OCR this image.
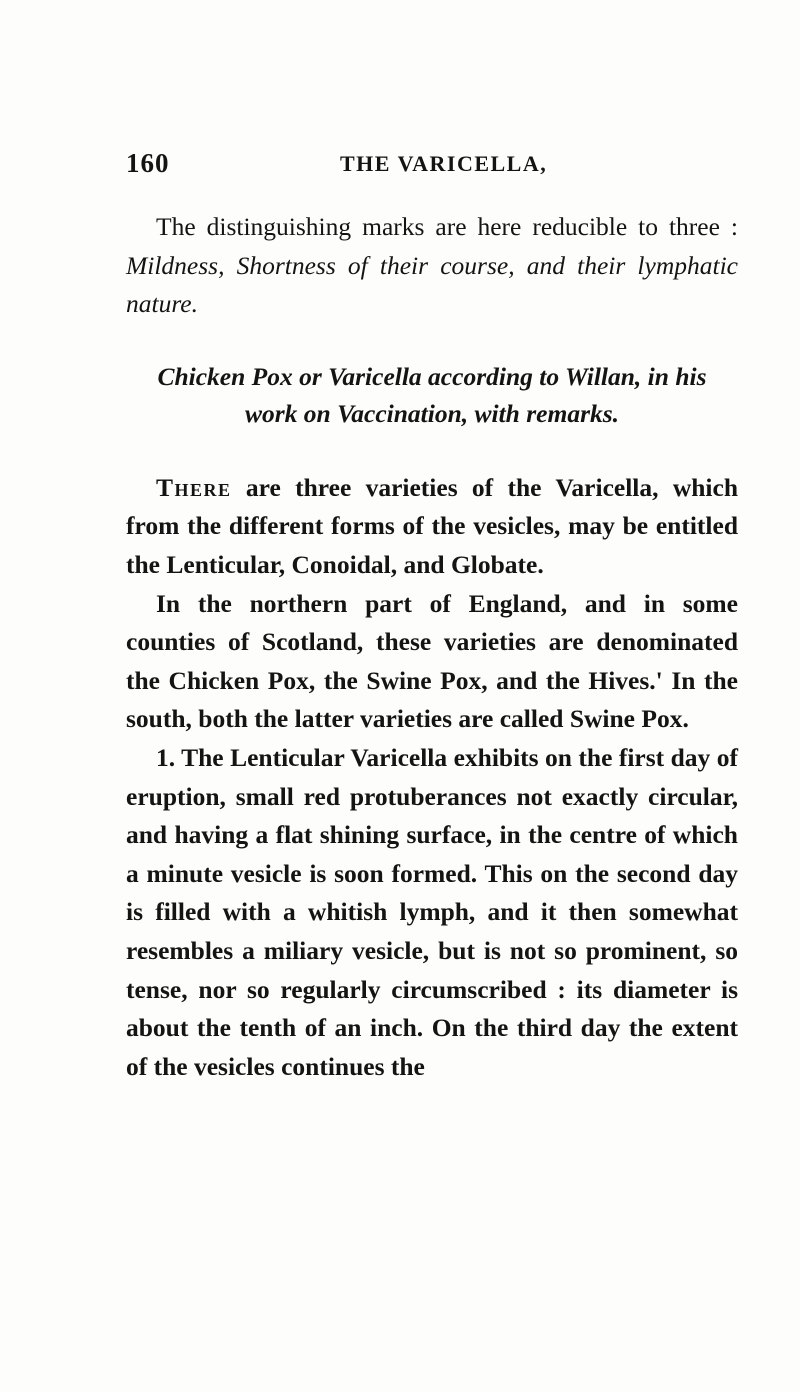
160	THE VARICELLA,

The distinguishing marks are here reducible to three : Mildness, Shortness of their course, and their lymphatic nature.

Chicken Pox or Varicella according to Willan, in his work on Vaccination, with remarks.

There are three varieties of the Varicella, which from the different forms of the vesicles, may be entitled the Lenticular, Conoidal, and Globate.

In the northern part of England, and in some counties of Scotland, these varieties are denominated the Chicken Pox, the Swine Pox, and the Hives.' In the south, both the latter varieties are called Swine Pox.

1. The Lenticular Varicella exhibits on the first day of eruption, small red protuberances not exactly circular, and having a flat shining surface, in the centre of which a minute vesicle is soon formed. This on the second day is filled with a whitish lymph, and it then somewhat resembles a miliary vesicle, but is not so prominent, so tense, nor so regularly circumscribed : its diameter is about the tenth of an inch. On the third day the extent of the vesicles continues the
